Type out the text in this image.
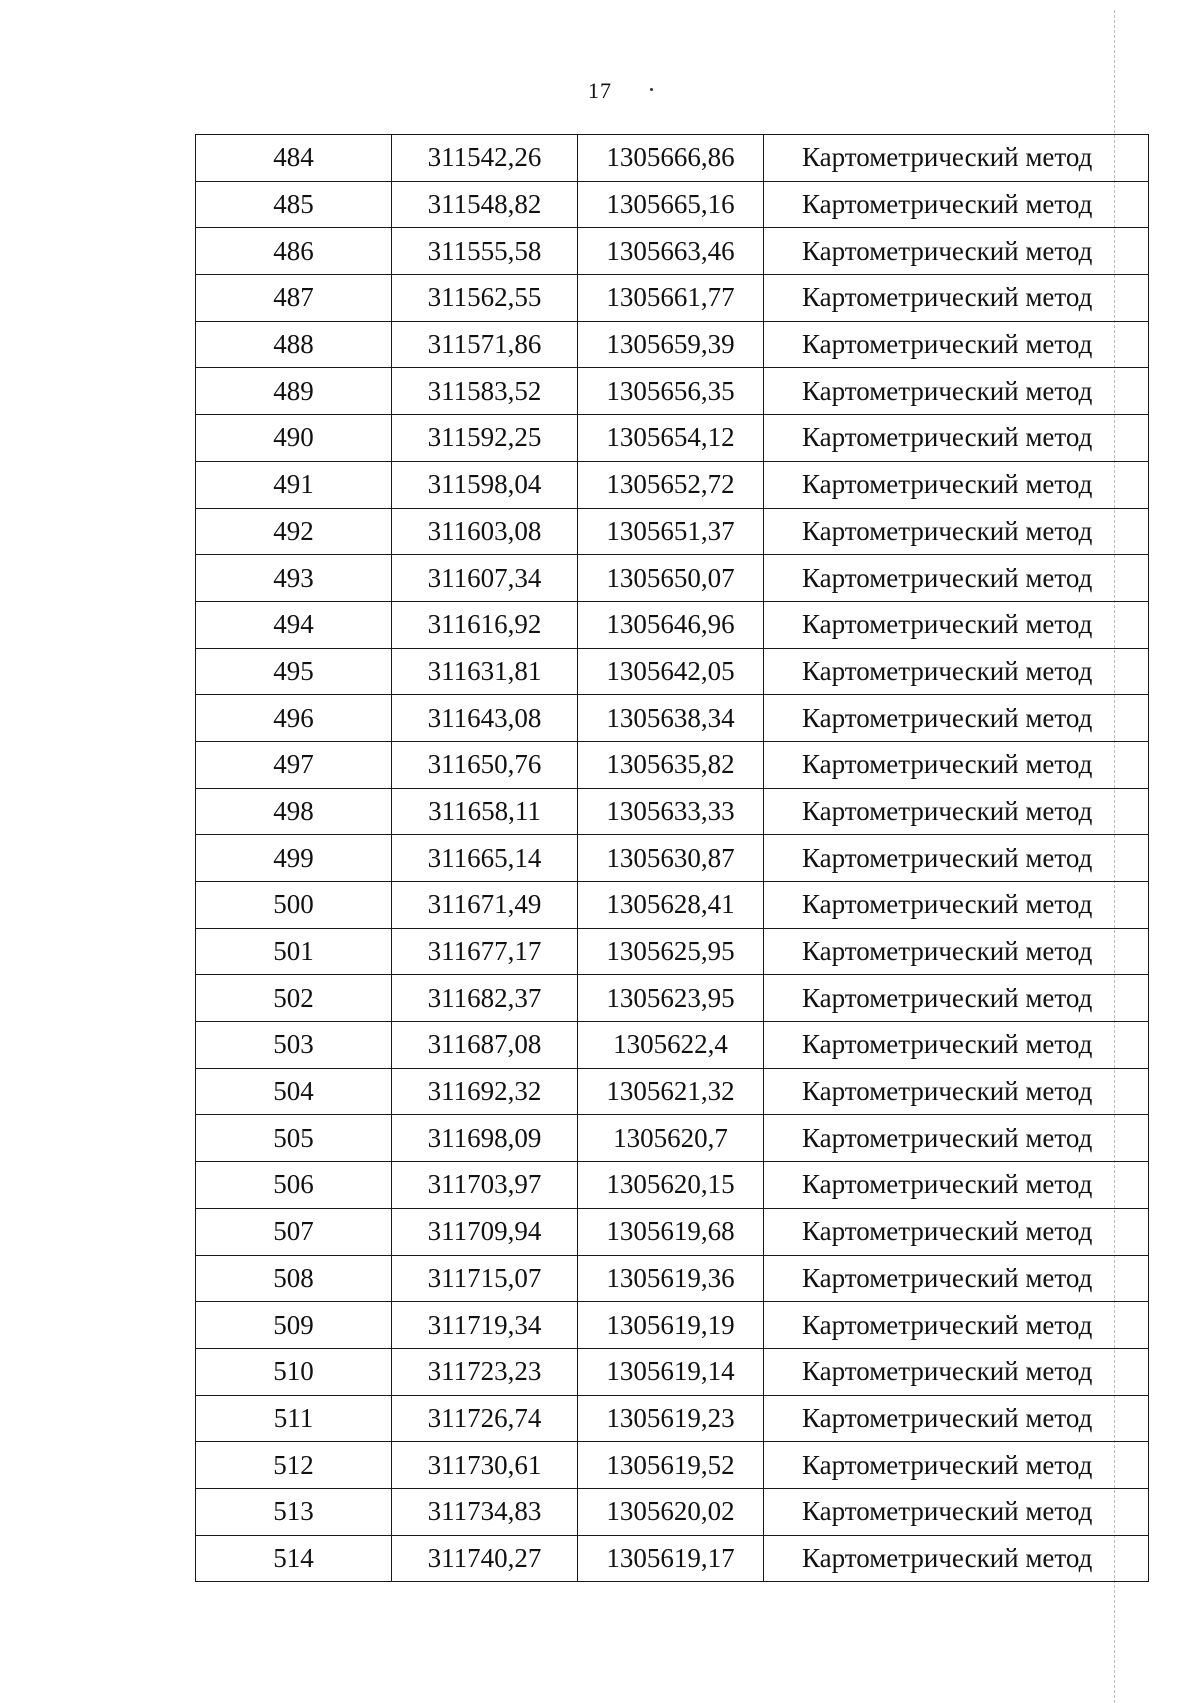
17
484	311542,26	1305666,86	Картометрический метод
485	311548,82	1305665,16	Картометрический метод
486	311555,58	1305663,46	Картометрический метод
487	311562,55	1305661,77	Картометрический метод
488	311571,86	1305659,39	Картометрический метод
489	311583,52	1305656,35	Картометрический метод
490	311592,25	1305654,12	Картометрический метод
491	311598,04	1305652,72	Картометрический метод
492	311603,08	1305651,37	Картометрический метод
493	311607,34	1305650,07	Картометрический метод
494	311616,92	1305646,96	Картометрический метод
495	311631,81	1305642,05	Картометрический метод
496	311643,08	1305638,34	Картометрический метод
497	311650,76	1305635,82	Картометрический метод
498	311658,11	1305633,33	Картометрический метод
499	311665,14	1305630,87	Картометрический метод
500	311671,49	1305628,41	Картометрический метод
501	311677,17	1305625,95	Картометрический метод
502	311682,37	1305623,95	Картометрический метод
503	311687,08	1305622,4	Картометрический метод
504	311692,32	1305621,32	Картометрический метод
505	311698,09	1305620,7	Картометрический метод
506	311703,97	1305620,15	Картометрический метод
507	311709,94	1305619,68	Картометрический метод
508	311715,07	1305619,36	Картометрический метод
509	311719,34	1305619,19	Картометрический метод
510	311723,23	1305619,14	Картометрический метод
511	311726,74	1305619,23	Картометрический метод
512	311730,61	1305619,52	Картометрический метод
513	311734,83	1305620,02	Картометрический метод
514	311740,27	1305619,17	Картометрический метод
